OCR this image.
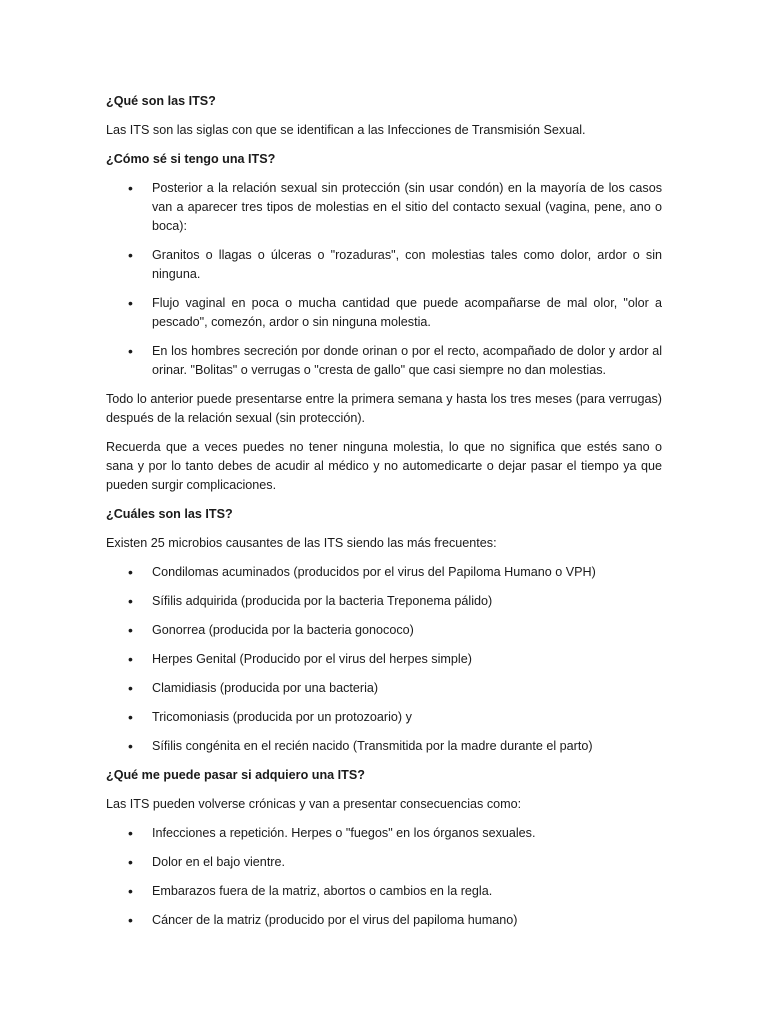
¿Qué son las ITS?

Las ITS son las siglas con que se identifican a las Infecciones de Transmisión Sexual.

¿Cómo sé si tengo una ITS?
• Posterior a la relación sexual sin protección (sin usar condón) en la mayoría de los casos van a aparecer tres tipos de molestias en el sitio del contacto sexual (vagina, pene, ano o boca):
• Granitos o llagas o úlceras o "rozaduras", con molestias tales como dolor, ardor o sin ninguna.
• Flujo vaginal en poca o mucha cantidad que puede acompañarse de mal olor, "olor a pescado", comezón, ardor o sin ninguna molestia.
• En los hombres secreción por donde orinan o por el recto, acompañado de dolor y ardor al orinar. "Bolitas" o verrugas o "cresta de gallo" que casi siempre no dan molestias.

Todo lo anterior puede presentarse entre la primera semana y hasta los tres meses (para verrugas) después de la relación sexual (sin protección).

Recuerda que a veces puedes no tener ninguna molestia, lo que no significa que estés sano o sana y por lo tanto debes de acudir al médico y no automedicarte o dejar pasar el tiempo ya que pueden surgir complicaciones.

¿Cuáles son las ITS?

Existen 25 microbios causantes de las ITS siendo las más frecuentes:

• Condilomas acuminados (producidos por el virus del Papiloma Humano o VPH)
• Sífilis adquirida (producida por la bacteria Treponema pálido)
• Gonorrea (producida por la bacteria gonococo)
• Herpes Genital (Producido por el virus del herpes simple)
• Clamidiasis (producida por una bacteria)
• Tricomoniasis (producida por un protozoario) y
• Sífilis congénita en el recién nacido (Transmitida por la madre durante el parto)
¿Qué me puede pasar si adquiero una ITS?

Las ITS pueden volverse crónicas y van a presentar consecuencias como:

• Infecciones a repetición. Herpes o "fuegos" en los órganos sexuales.
• Dolor en el bajo vientre.
• Embarazos fuera de la matriz, abortos o cambios en la regla.
• Cáncer de la matriz (producido por el virus del papiloma humano)
